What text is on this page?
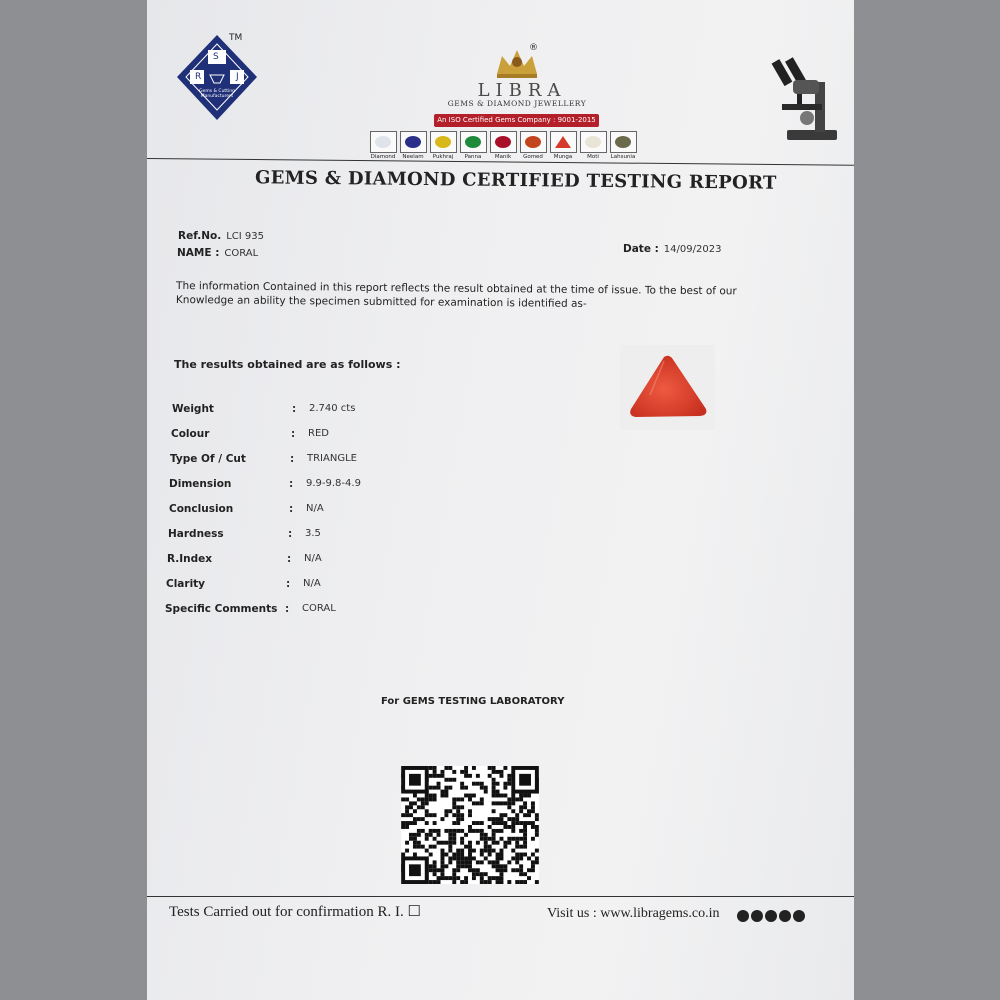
TM
S
R	J
Gems & Cutting Manufacturers
®
LIBRA
GEMS & DIAMOND JEWELLERY
An ISO Certified Gems Company : 9001-2015
Diamond	Neelam	Pukhraj	Panna	Manik	Gomed	Munga	Moti	Lahsunia
GEMS & DIAMOND CERTIFIED TESTING REPORT
Ref.No. LCI 935
NAME : CORAL	Date : 14/09/2023
The information Contained in this report reflects the result obtained at the time of issue. To the best of our Knowledge an ability the specimen submitted for examination is identified as-
The results obtained are as follows :
Weight	: 2.740 cts
Colour	: RED
Type Of / Cut	: TRIANGLE
Dimension	: 9.9-9.8-4.9
Conclusion	: N/A
Hardness	: 3.5
R.Index	: N/A
Clarity	: N/A
Specific Comments : CORAL
For GEMS TESTING LABORATORY
Tests Carried out for confirmation R. I. ☐	Visit us : www.libragems.co.in
